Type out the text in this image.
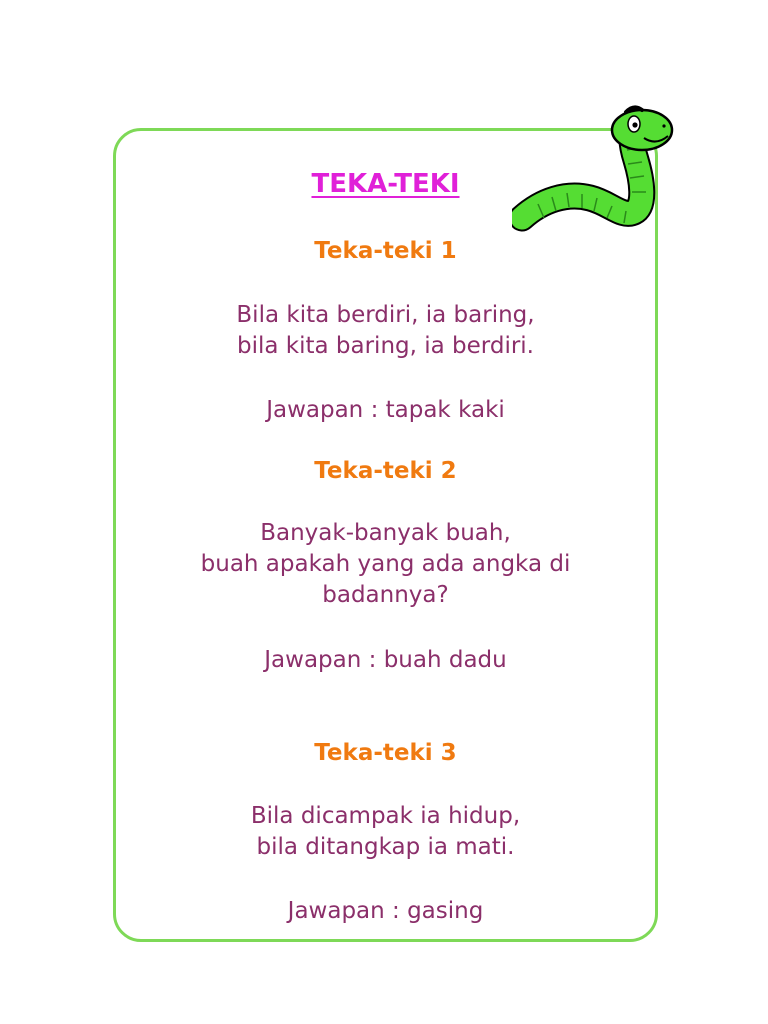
TEKA-TEKI
Teka-teki 1
Bila kita berdiri, ia baring,
bila kita baring, ia berdiri.
Jawapan : tapak kaki
Teka-teki 2
Banyak-banyak buah,
buah apakah yang ada angka di
badannya?
Jawapan : buah dadu
Teka-teki 3
Bila dicampak ia hidup,
bila ditangkap ia mati.
Jawapan : gasing
